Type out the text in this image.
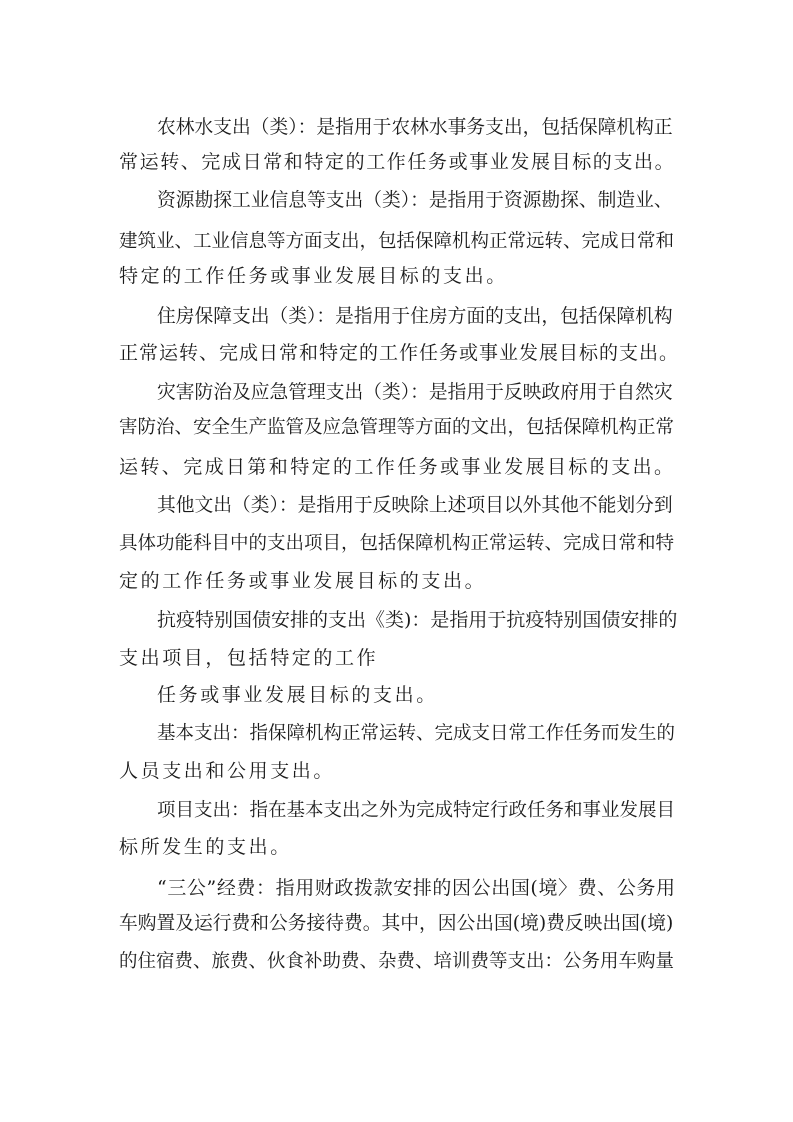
农林水支出（类）：是指用于农林水事务支出，包括保障机构正
常运转、完成日常和特定的工作任务或事业发展目标的支出。
资源勘探工业信息等支出（类）：是指用于资源勘探、制造业、
建筑业、工业信息等方面支出，包括保障机构正常远转、完成日常和
特定的工作任务或事业发展目标的支出。
住房保障支出（类）：是指用于住房方面的支出，包括保障机构
正常运转、完成日常和特定的工作任务或事业发展目标的支出。
灾害防治及应急管理支出（类）：是指用于反映政府用于自然灾
害防治、安全生产监管及应急管理等方面的文出，包括保障机构正常
运转、完成日第和特定的工作任务或事业发展目标的支出。
其他文出（类）：是指用于反映除上述项目以外其他不能划分到
具体功能科目中的支出项目，包括保障机构正常运转、完成日常和特
定的工作任务或事业发展目标的支出。
抗疫特别国债安排的支出《类)：是指用于抗疫特别国债安排的
支出项目，包括特定的工作
任务或事业发展目标的支出。
基本支出：指保障机构正常运转、完成支日常工作任务而发生的
人员支出和公用支出。
项目支出：指在基本支出之外为完成特定行政任务和事业发展目
标所发生的支出。
“三公”经费：指用财政拨款安排的因公出国(境〉费、公务用
车购置及运行费和公务接待费。其中，因公出国(境)费反映出国(境)
的住宿费、旅费、伙食补助费、杂费、培训费等支出：公务用车购量
